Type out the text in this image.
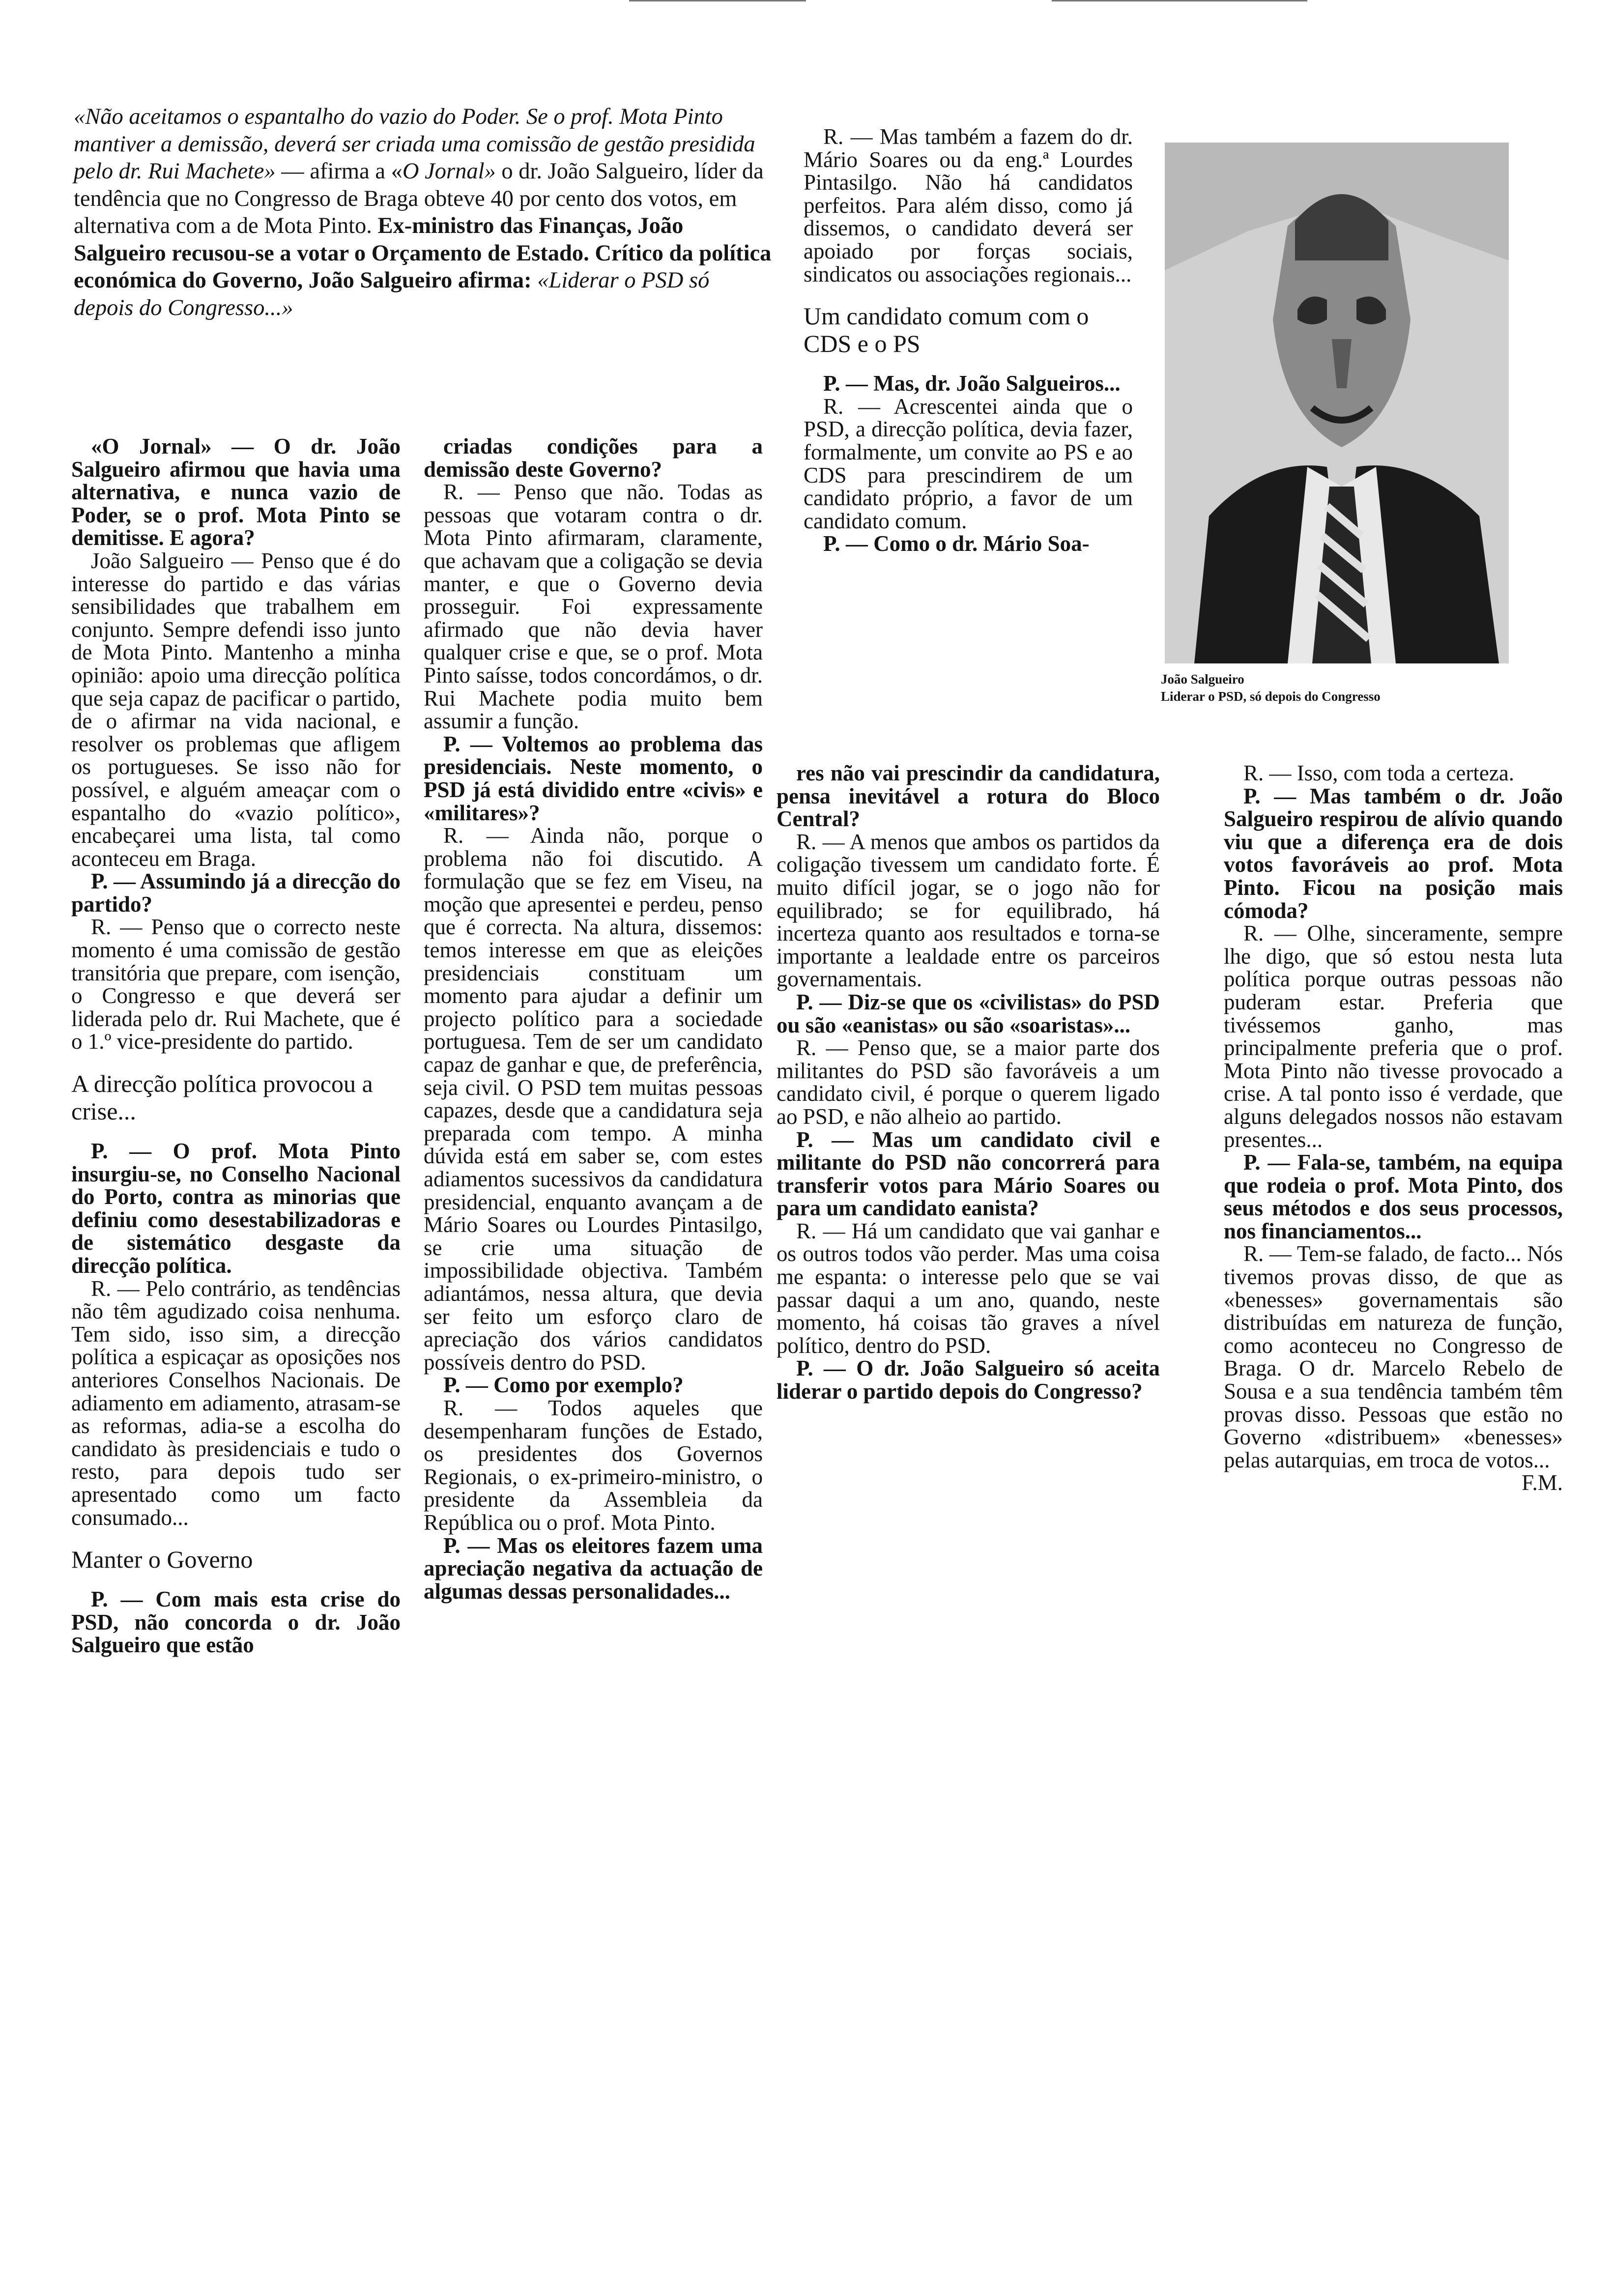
«Não aceitamos o espantalho do vazio do Poder. Se o prof. Mota Pinto mantiver a demissão, deverá ser criada uma comissão de gestão presidida pelo dr. Rui Machete» — afirma a «O Jornal» o dr. João Salgueiro, líder da tendência que no Congresso de Braga obteve 40 por cento dos votos, em alternativa com a de Mota Pinto. Ex-ministro das Finanças, João Salgueiro recusou-se a votar o Orçamento de Estado. Crítico da política económica do Governo, João Salgueiro afirma: «Liderar o PSD só depois do Congresso...»

«O Jornal» — O dr. João Salgueiro afirmou que havia uma alternativa, e nunca vazio de Poder, se o prof. Mota Pinto se demitisse. E agora?

João Salgueiro — Penso que é do interesse do partido e das várias sensibilidades que trabalhem em conjunto. Sempre defendi isso junto de Mota Pinto. Mantenho a minha opinião: apoio uma direcção política que seja capaz de pacificar o partido, de o afirmar na vida nacional, e resolver os problemas que afligem os portugueses. Se isso não for possível, e alguém ameaçar com o espantalho do «vazio político», encabeçarei uma lista, tal como aconteceu em Braga.

P. — Assumindo já a direcção do partido?

R. — Penso que o correcto neste momento é uma comissão de gestão transitória que prepare, com isenção, o Congresso e que deverá ser liderada pelo dr. Rui Machete, que é o 1.º vice-presidente do partido.

A direcção política provocou a crise...

P. — O prof. Mota Pinto insurgiu-se, no Conselho Nacional do Porto, contra as minorias que definiu como desestabilizadoras e de sistemático desgaste da direcção política.

R. — Pelo contrário, as tendências não têm agudizado coisa nenhuma. Tem sido, isso sim, a direcção política a espicaçar as oposições nos anteriores Conselhos Nacionais. De adiamento em adiamento, atrasam-se as reformas, adia-se a escolha do candidato às presidenciais e tudo o resto, para depois tudo ser apresentado como um facto consumado...

Manter o Governo

P. — Com mais esta crise do PSD, não concorda o dr. João Salgueiro que estão

criadas condições para a demissão deste Governo?

R. — Penso que não. Todas as pessoas que votaram contra o dr. Mota Pinto afirmaram, claramente, que achavam que a coligação se devia manter, e que o Governo devia prosseguir. Foi expressamente afirmado que não devia haver qualquer crise e que, se o prof. Mota Pinto saísse, todos concordámos, o dr. Rui Machete podia muito bem assumir a função.

P. — Voltemos ao problema das presidenciais. Neste momento, o PSD já está dividido entre «civis» e «militares»?

R. — Ainda não, porque o problema não foi discutido. A formulação que se fez em Viseu, na moção que apresentei e perdeu, penso que é correcta. Na altura, dissemos: temos interesse em que as eleições presidenciais constituam um momento para ajudar a definir um projecto político para a sociedade portuguesa. Tem de ser um candidato capaz de ganhar e que, de preferência, seja civil. O PSD tem muitas pessoas capazes, desde que a candidatura seja preparada com tempo. A minha dúvida está em saber se, com estes adiamentos sucessivos da candidatura presidencial, enquanto avançam a de Mário Soares ou Lourdes Pintasilgo, se crie uma situação de impossibilidade objectiva. Também adiantámos, nessa altura, que devia ser feito um esforço claro de apreciação dos vários candidatos possíveis dentro do PSD.

P. — Como por exemplo?

R. — Todos aqueles que desempenharam funções de Estado, os presidentes dos Governos Regionais, o ex-primeiro-ministro, o presidente da Assembleia da República ou o prof. Mota Pinto.

P. — Mas os eleitores fazem uma apreciação negativa da actuação de algumas dessas personalidades...

R. — Mas também a fazem do dr. Mário Soares ou da eng.ª Lourdes Pintasilgo. Não há candidatos perfeitos. Para além disso, como já dissemos, o candidato deverá ser apoiado por forças sociais, sindicatos ou associações regionais...

Um candidato comum com o CDS e o PS

P. — Mas, dr. João Salgueiros...

R. — Acrescentei ainda que o PSD, a direcção política, devia fazer, formalmente, um convite ao PS e ao CDS para prescindirem de um candidato próprio, a favor de um candidato comum.

P. — Como o dr. Mário Soa-

res não vai prescindir da candidatura, pensa inevitável a rotura do Bloco Central?

R. — A menos que ambos os partidos da coligação tivessem um candidato forte. É muito difícil jogar, se o jogo não for equilibrado; se for equilibrado, há incerteza quanto aos resultados e torna-se importante a lealdade entre os parceiros governamentais.

P. — Diz-se que os «civilistas» do PSD ou são «eanistas» ou são «soaristas»...

R. — Penso que, se a maior parte dos militantes do PSD são favoráveis a um candidato civil, é porque o querem ligado ao PSD, e não alheio ao partido.

P. — Mas um candidato civil e militante do PSD não concorrerá para transferir votos para Mário Soares ou para um candidato eanista?

R. — Há um candidato que vai ganhar e os outros todos vão perder. Mas uma coisa me espanta: o interesse pelo que se vai passar daqui a um ano, quando, neste momento, há coisas tão graves a nível político, dentro do PSD.

P. — O dr. João Salgueiro só aceita liderar o partido depois do Congresso?

R. — Isso, com toda a certeza.

P. — Mas também o dr. João Salgueiro respirou de alívio quando viu que a diferença era de dois votos favoráveis ao prof. Mota Pinto. Ficou na posição mais cómoda?

R. — Olhe, sinceramente, sempre lhe digo, que só estou nesta luta política porque outras pessoas não puderam estar. Preferia que tivéssemos ganho, mas principalmente preferia que o prof. Mota Pinto não tivesse provocado a crise. A tal ponto isso é verdade, que alguns delegados nossos não estavam presentes...

P. — Fala-se, também, na equipa que rodeia o prof. Mota Pinto, dos seus métodos e dos seus processos, nos financiamentos...

R. — Tem-se falado, de facto... Nós tivemos provas disso, de que as «benesses» governamentais são distribuídas em natureza de função, como aconteceu no Congresso de Braga. O dr. Marcelo Rebelo de Sousa e a sua tendência também têm provas disso. Pessoas que estão no Governo «distribuem» «benesses» pelas autarquias, em troca de votos...

F.M.

João Salgueiro
Liderar o PSD, só depois do Congresso
